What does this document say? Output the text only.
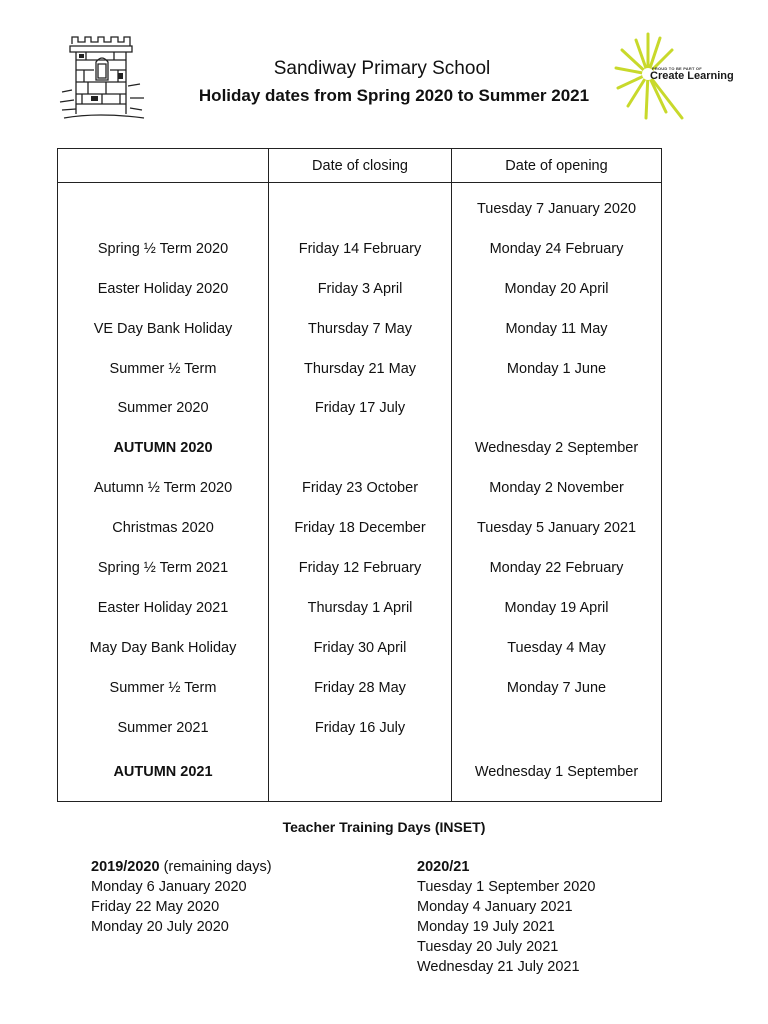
PROUD TO BE PART OF
Create Learning
Sandiway Primary School
Holiday dates from Spring 2020 to Summer 2021
	Date of closing	Date of opening
		Tuesday 7 January 2020
Spring ½ Term 2020	Friday 14 February	Monday 24 February
Easter Holiday 2020	Friday 3 April	Monday 20 April
VE Day Bank Holiday	Thursday 7 May	Monday 11 May
Summer ½ Term	Thursday 21 May	Monday 1 June
Summer 2020	Friday 17 July	
AUTUMN 2020		Wednesday 2 September
Autumn ½ Term 2020	Friday 23 October	Monday 2 November
Christmas 2020	Friday 18 December	Tuesday 5 January 2021
Spring ½ Term 2021	Friday 12 February	Monday 22 February
Easter Holiday 2021	Thursday 1 April	Monday 19 April
May Day Bank Holiday	Friday 30 April	Tuesday 4 May
Summer ½ Term	Friday 28 May	Monday 7 June
Summer 2021	Friday 16 July	
AUTUMN 2021		Wednesday 1 September
Teacher Training Days (INSET)
2019/2020 (remaining days)
Monday 6 January 2020
Friday 22 May 2020
Monday 20 July 2020
2020/21
Tuesday 1 September 2020
Monday 4 January 2021
Monday 19 July 2021
Tuesday 20 July 2021
Wednesday 21 July 2021
